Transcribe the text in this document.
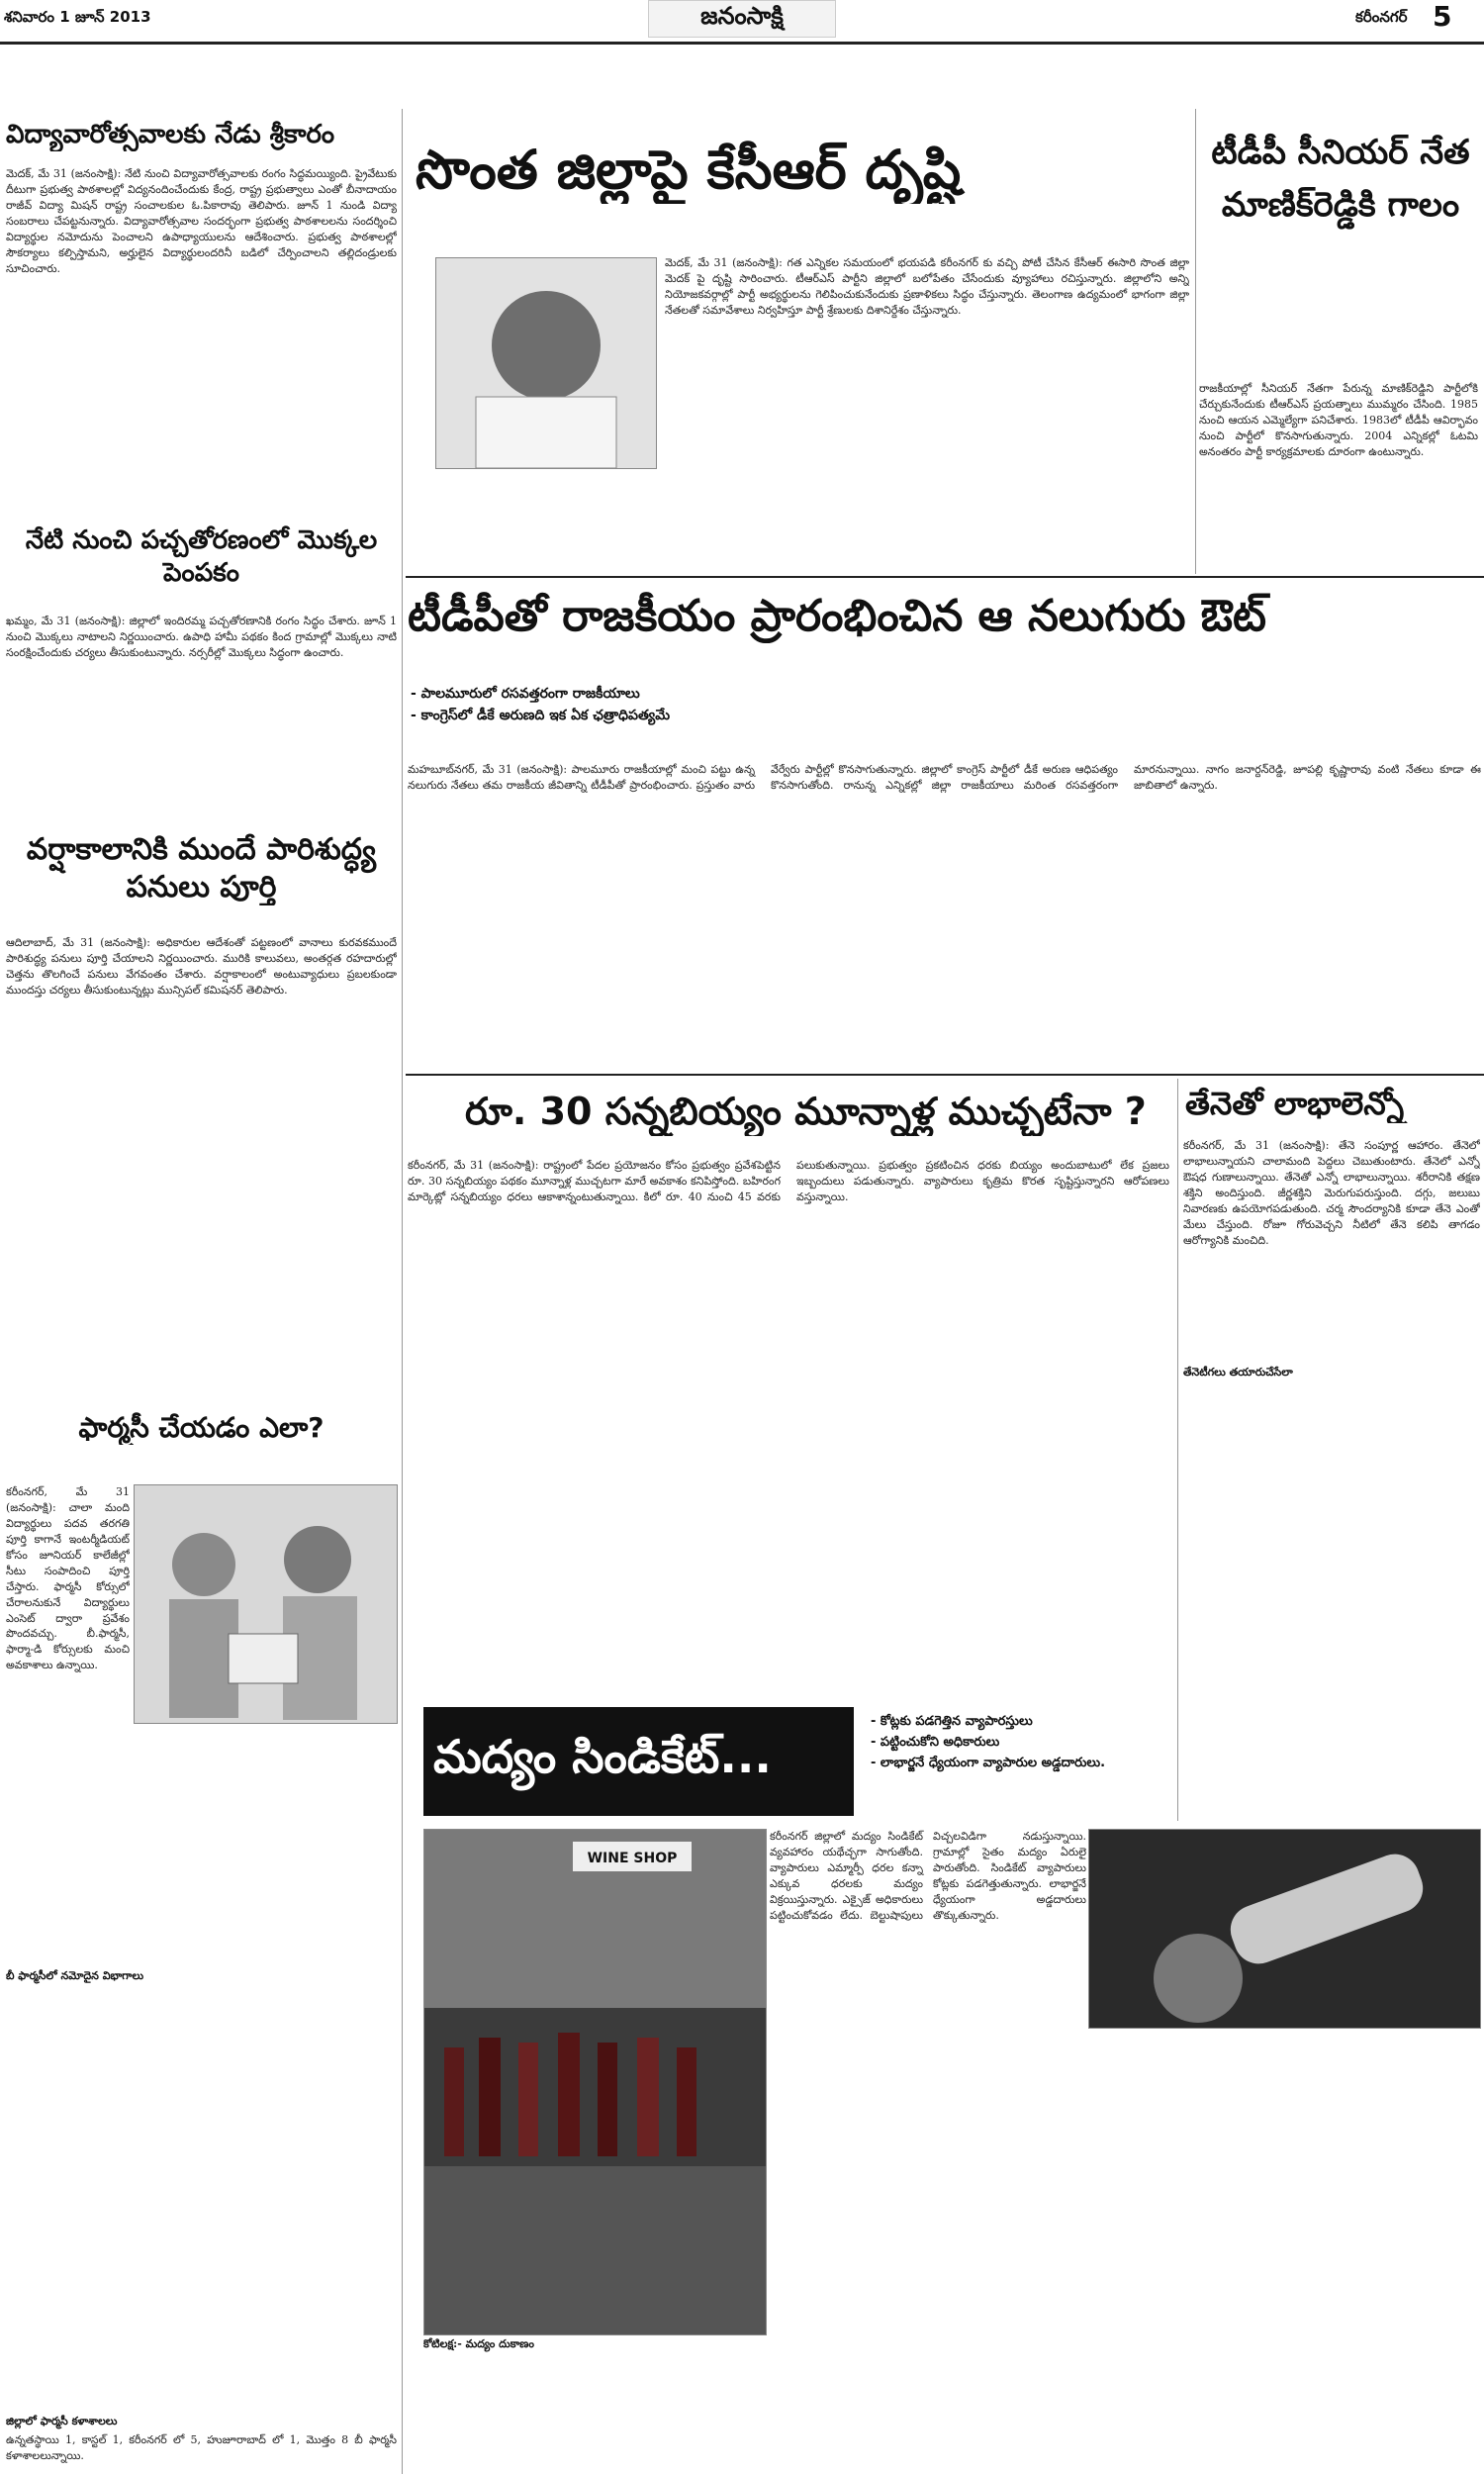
శనివారం 1 జూన్ 2013	జనంసాక్షి	కరీంనగర్ 5
విద్యావారోత్సవాలకు నేడు శ్రీకారం
మెదక్, మే 31 (జనంసాక్షి): నేటి నుంచి విద్యావారోత్సవాలకు రంగం సిద్ధమయ్యింది. ప్రైవేటుకు దీటుగా ప్రభుత్వ పాఠశాలల్లో విద్యనందించేందుకు కేంద్ర, రాష్ట్ర ప్రభుత్వాలు ఎంతో బీనాదాయం రాజీవ్ విద్యా మిషన్ రాష్ట్ర సంచాలకుల ఓ.పికారావు తెలిపారు. జూన్ 1 నుండి విద్యా సంబరాలు చేపట్టనున్నారు. విద్యావారోత్సవాల సంద‌ర్భంగా ప్రభుత్వ పాఠశాలలను సందర్శించి విద్యార్థుల నమోదును పెంచాలని ఉపాధ్యాయులను ఆదేశించారు. ప్రభుత్వ పాఠశాలల్లో సౌకర్యాలు కల్పిస్తామని, అర్హులైన విద్యార్థులందరినీ బడిలో చేర్పించాలని తల్లిదండ్రులకు సూచించారు.
నేటి నుంచి పచ్చతోరణంలో మొక్కల పెంపకం
ఖమ్మం, మే 31 (జనంసాక్షి): జిల్లాలో ఇందిరమ్మ పచ్చతోరణానికి రంగం సిద్ధం చేశారు. జూన్ 1 నుంచి మొక్కలు నాటాలని నిర్ణయించారు. ఉపాధి హామీ పథకం కింద గ్రామాల్లో మొక్కలు నాటి సంరక్షించేందుకు చర్యలు తీసుకుంటున్నారు. నర్సరీల్లో మొక్కలు సిద్ధంగా ఉంచారు.
వర్షాకాలానికి ముందే పారిశుద్ధ్య పనులు పూర్తి
ఆదిలాబాద్, మే 31 (జనంసాక్షి): అధికారుల ఆదేశంతో పట్టణంలో వానాలు కురవకముందే పారిశుద్ధ్య పనులు పూర్తి చేయాలని నిర్ణయించారు. మురికి కాలువలు, అంతర్గత రహదారుల్లో చెత్తను తొలగించే పనులు వేగవంతం చేశారు. వర్షాకాలంలో అంటువ్యాధులు ప్రబలకుండా ముందస్తు చర్యలు తీసుకుంటున్నట్లు మున్సిపల్ కమిషనర్ తెలిపారు.
ఫార్మసీ చేయడం ఎలా?
కరీంనగర్, మే 31 (జనంసాక్షి): చాలా మంది విద్యార్థులు పదవ తరగతి పూర్తి కాగానే ఇంటర్మీడియట్ కోసం జూనియర్ కాలేజీల్లో సీటు సంపాదించి పూర్తి చేస్తారు. ఫార్మసీ కోర్సులో చేరాలనుకునే విద్యార్థులు ఎంసెట్ ద్వారా ప్రవేశం పొందవచ్చు. బీ.ఫార్మసీ, ఫార్మా-డి కోర్సులకు మంచి అవకాశాలు ఉన్నాయి.
బీ ఫార్మసీలో నమోదైన విభాగాలు
జిల్లాలో ఫార్మసీ కళాశాలలు
ఉన్నతస్థాయి 1, కాస్టల్ 1, కరీంనగర్ లో 5, హుజూరాబాద్ లో 1, మొత్తం 8 బీ ఫార్మసీ కళాశాలలున్నాయి.
సొంత జిల్లాపై కేసీఆర్ దృష్టి
మెదక్, మే 31 (జనంసాక్షి): గత ఎన్నికల సమయంలో భయపడి కరీంనగర్ కు వచ్చి పోటీ చేసిన కేసీఆర్ ఈసారి సొంత జిల్లా మెదక్ పై దృష్టి సారించారు. టీఆర్ఎస్ పార్టీని జిల్లాలో బలోపేతం చేసేందుకు వ్యూహాలు రచిస్తున్నారు. జిల్లాలోని అన్ని నియోజకవర్గాల్లో పార్టీ అభ్యర్థులను గెలిపించుకునేందుకు ప్రణాళికలు సిద్ధం చేస్తున్నారు. తెలంగాణ ఉద్యమంలో భాగంగా జిల్లా నేతలతో సమావేశాలు నిర్వహిస్తూ పార్టీ శ్రేణులకు దిశానిర్దేశం చేస్తున్నారు.
టీడీపీ సీనియర్ నేత మాణిక్‌రెడ్డికి గాలం
రాజకీయాల్లో సీనియర్ నేతగా పేరున్న మాణిక్‌రెడ్డిని పార్టీలోకి చేర్చుకునేందుకు టీఆర్ఎస్ ప్రయత్నాలు ముమ్మరం చేసింది. 1985 నుంచి ఆయన ఎమ్మెల్యేగా పనిచేశారు. 1983లో టీడీపీ ఆవిర్భావం నుంచి పార్టీలో కొనసాగుతున్నారు. 2004 ఎన్నికల్లో ఓటమి అనంతరం పార్టీ కార్యక్రమాలకు దూరంగా ఉంటున్నారు.
టీడీపీతో రాజకీయం ప్రారంభించిన ఆ నలుగురు ఔట్
- పాలమూరులో రసవత్తరంగా రాజకీయాలు
- కాంగ్రెస్‌లో డీకే అరుణది ఇక ఏక ఛత్రాధిపత్యమే
మహబూబ్‌నగర్, మే 31 (జనంసాక్షి): పాలమూరు రాజకీయాల్లో మంచి పట్టు ఉన్న నలుగురు నేతలు తమ రాజకీయ జీవితాన్ని టీడీపీతో ప్రారంభించారు. ప్రస్తుతం వారు వేర్వేరు పార్టీల్లో కొనసాగుతున్నారు. జిల్లాలో కాంగ్రెస్ పార్టీలో డీకే అరుణ ఆధిపత్యం కొనసాగుతోంది. రానున్న ఎన్నికల్లో జిల్లా రాజకీయాలు మరింత రసవత్తరంగా మారనున్నాయి. నాగం జనార్దన్‌రెడ్డి, జూపల్లి కృష్ణారావు వంటి నేతలు కూడా ఈ జాబితాలో ఉన్నారు.
రూ. 30 సన్నబియ్యం మూన్నాళ్ల ముచ్చటేనా ?
కరీంనగర్, మే 31 (జనంసాక్షి): రాష్ట్రంలో పేదల ప్రయోజనం కోసం ప్రభుత్వం ప్రవేశపెట్టిన రూ. 30 సన్నబియ్యం పథకం మూన్నాళ్ల ముచ్చటగా మారే అవకాశం కనిపిస్తోంది. బహిరంగ మార్కెట్లో సన్నబియ్యం ధరలు ఆకాశాన్నంటుతున్నాయి. కిలో రూ. 40 నుంచి 45 వరకు పలుకుతున్నాయి. ప్రభుత్వం ప్రకటించిన ధరకు బియ్యం అందుబాటులో లేక ప్రజలు ఇబ్బందులు పడుతున్నారు. వ్యాపారులు కృత్రిమ కొరత సృష్టిస్తున్నారని ఆరోపణలు వస్తున్నాయి.
తేనెతో లాభాలెన్నో
కరీంనగర్, మే 31 (జనంసాక్షి): తేనె సంపూర్ణ ఆహారం. తేనెలో లాభాలున్నాయని చాలామంది పెద్దలు చెబుతుంటారు. తేనెలో ఎన్నో ఔషధ గుణాలున్నాయి. తేనెతో ఎన్నో లాభాలున్నాయి. శరీరానికి తక్షణ శక్తిని అందిస్తుంది. జీర్ణశక్తిని మెరుగుపరుస్తుంది. దగ్గు, జలుబు నివారణకు ఉపయోగపడుతుంది. చర్మ సౌందర్యానికి కూడా తేనె ఎంతో మేలు చేస్తుంది. రోజూ గోరువెచ్చని నీటిలో తేనె కలిపి తాగడం ఆరోగ్యానికి మంచిది.
తేనెటీగలు తయారుచేసేలా
మద్యం సిండికేట్...
- కోట్లకు పడగెత్తిన వ్యాపారస్తులు
- పట్టించుకోని అధికారులు
- లాభార్జనే ధ్యేయంగా వ్యాపారుల అడ్డదారులు.
WINE SHOP
కరీంనగర్ జిల్లాలో మద్యం సిండికేట్ వ్యవహారం యథేచ్ఛగా సాగుతోంది. వ్యాపారులు ఎమ్మార్పీ ధరల కన్నా ఎక్కువ ధరలకు మద్యం విక్రయిస్తున్నారు. ఎక్సైజ్ అధికారులు పట్టించుకోవడం లేదు. బెల్టుషాపులు విచ్చలవిడిగా నడుస్తున్నాయి. గ్రామాల్లో సైతం మద్యం ఏరులై పారుతోంది. సిండికేట్ వ్యాపారులు కోట్లకు పడగెత్తుతున్నారు. లాభార్జనే ధ్యేయంగా అడ్డదారులు తొక్కుతున్నారు.
కోటిలక్ష:- మద్యం దుకాణం
